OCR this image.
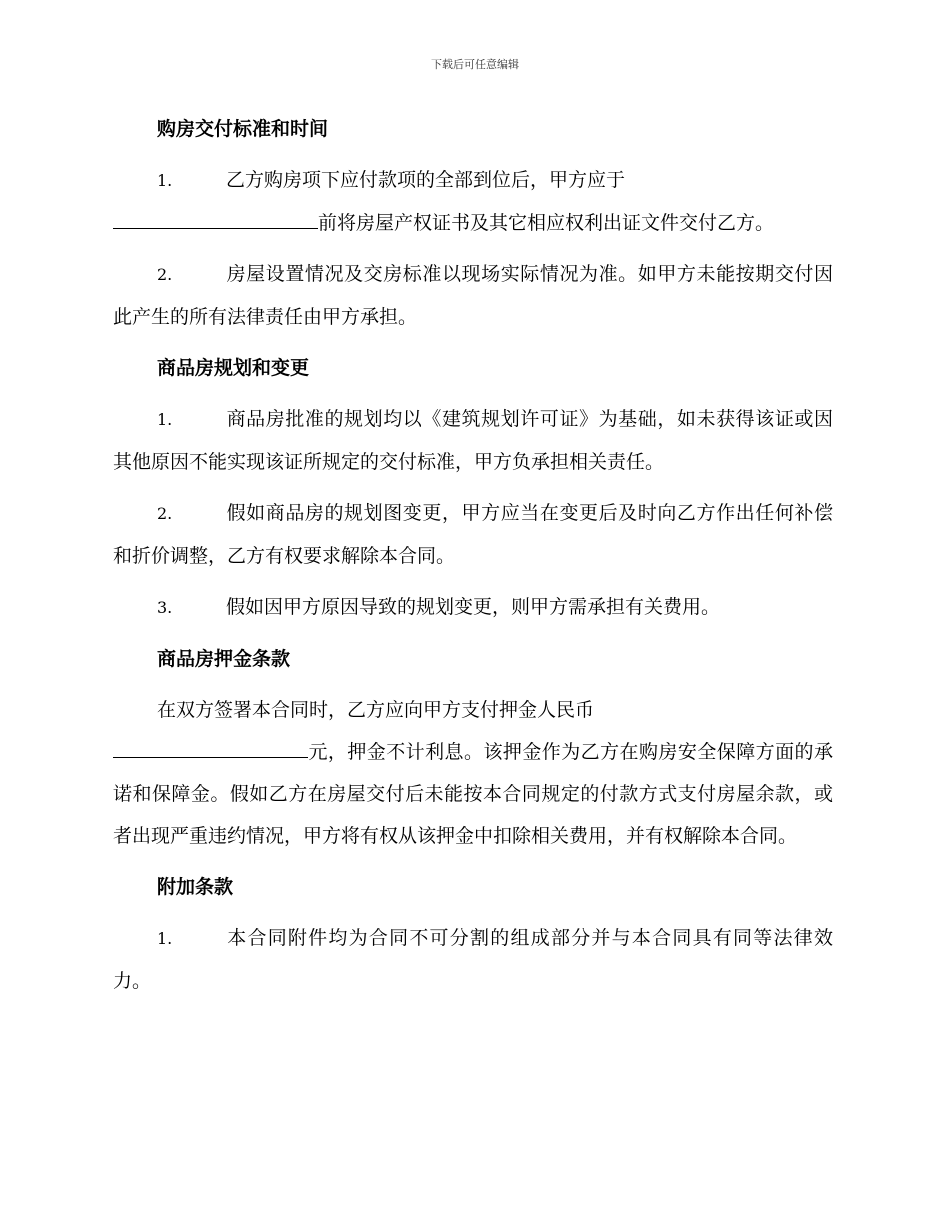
下载后可任意编辑
购房交付标准和时间
1.	乙方购房项下应付款项的全部到位后，甲方应于
前将房屋产权证书及其它相应权利出证文件交付乙方。
2.	房屋设置情况及交房标准以现场实际情况为准。如甲方未能按期交付因此产生的所有法律责任由甲方承担。
商品房规划和变更
1.	商品房批准的规划均以《建筑规划许可证》为基础，如未获得该证或因其他原因不能实现该证所规定的交付标准，甲方负承担相关责任。
2.	假如商品房的规划图变更，甲方应当在变更后及时向乙方作出任何补偿和折价调整，乙方有权要求解除本合同。
3.	假如因甲方原因导致的规划变更，则甲方需承担有关费用。
商品房押金条款
在双方签署本合同时，乙方应向甲方支付押金人民币
元，押金不计利息。该押金作为乙方在购房安全保障方面的承诺和保障金。假如乙方在房屋交付后未能按本合同规定的付款方式支付房屋余款，或者出现严重违约情况，甲方将有权从该押金中扣除相关费用，并有权解除本合同。
附加条款
1.	本合同附件均为合同不可分割的组成部分并与本合同具有同等法律效力。
